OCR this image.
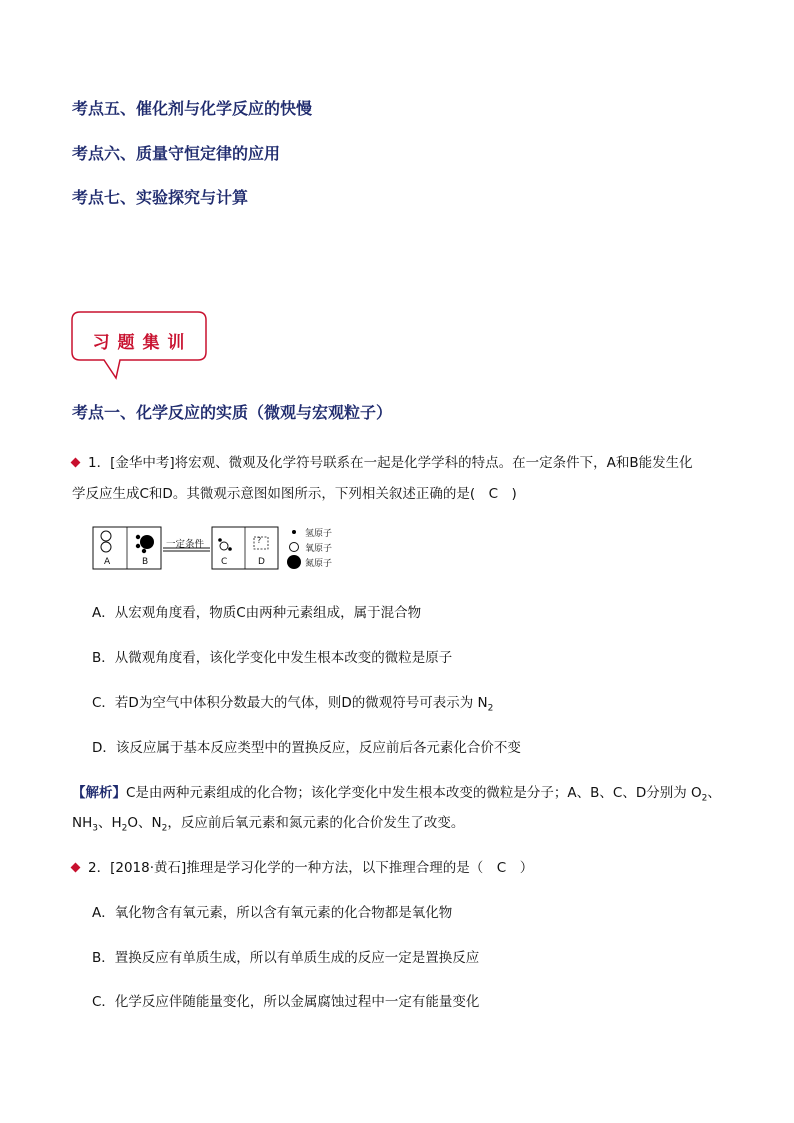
考点五、催化剂与化学反应的快慢
考点六、质量守恒定律的应用
考点七、实验探究与计算
习 题 集 训
考点一、化学反应的实质（微观与宏观粒子）
1．[金华中考]将宏观、微观及化学符号联系在一起是化学学科的特点。在一定条件下，A和B能发生化
学反应生成C和D。其微观示意图如图所示，下列相关叙述正确的是(　C　)
A	B
一定条件
C	D
?
氢原子
氧原子
氮原子
A．从宏观角度看，物质C由两种元素组成，属于混合物
B．从微观角度看，该化学变化中发生根本改变的微粒是原子
C．若D为空气中体积分数最大的气体，则D的微观符号可表示为 $N_2$
D．该反应属于基本反应类型中的置换反应，反应前后各元素化合价不变
【解析】C是由两种元素组成的化合物；该化学变化中发生根本改变的微粒是分子；A、B、C、D分别为 $O_2$、
$NH_3$、$H_2O$、$N_2$，反应前后氧元素和氮元素的化合价发生了改变。
2．[2018·黄石]推理是学习化学的一种方法，以下推理合理的是（　C　）
A．氧化物含有氧元素，所以含有氧元素的化合物都是氧化物
B．置换反应有单质生成，所以有单质生成的反应一定是置换反应
C．化学反应伴随能量变化，所以金属腐蚀过程中一定有能量变化
